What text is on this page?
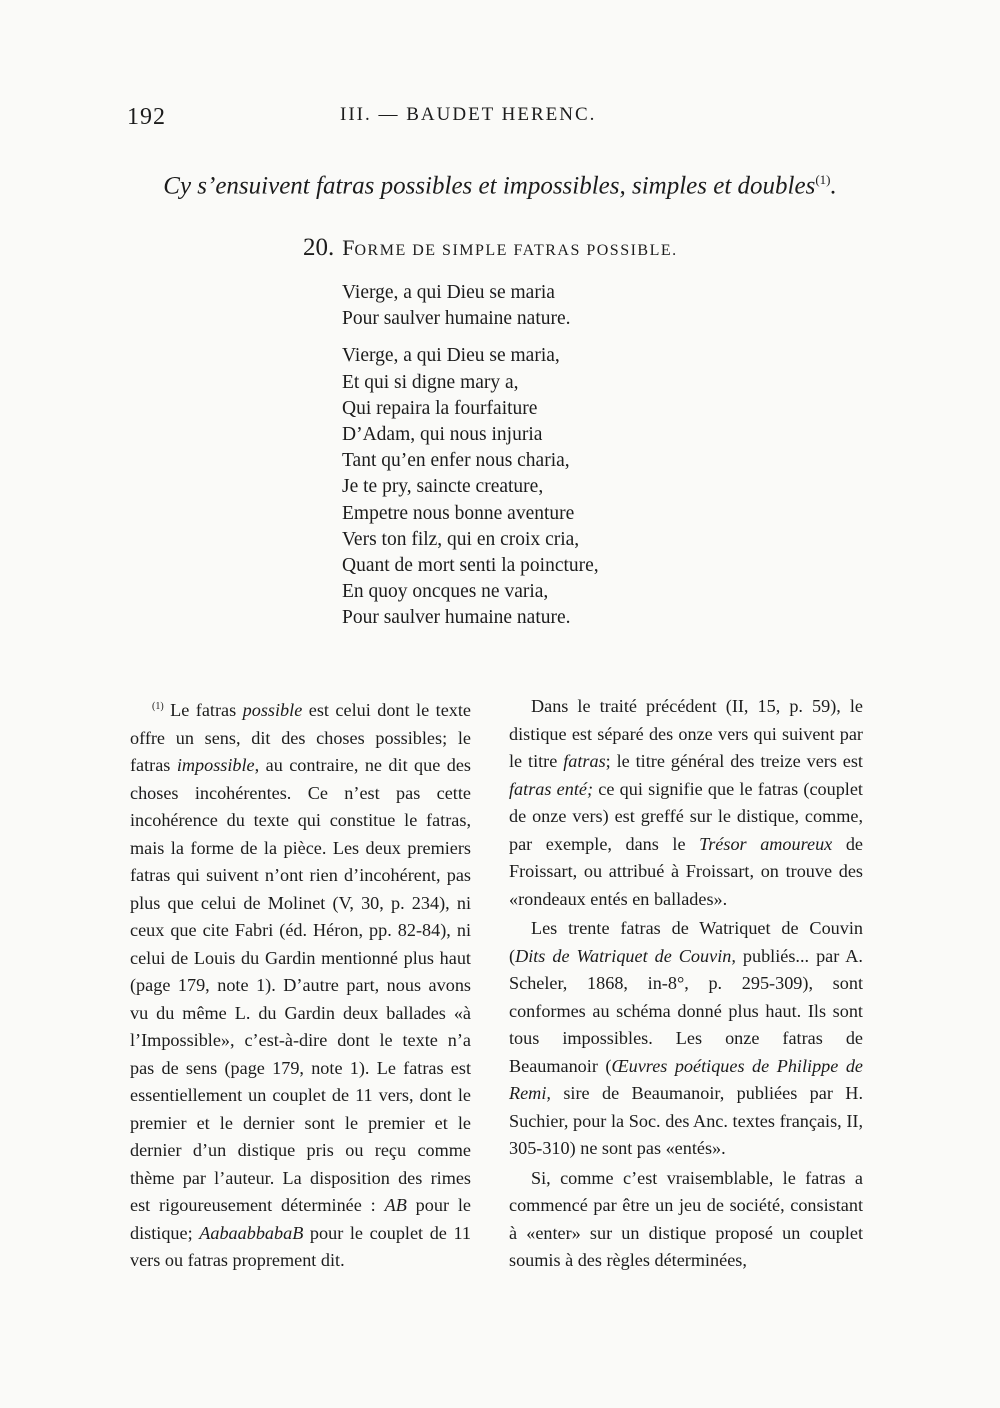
192	III. — BAUDET HERENC.
Cy s’ensuivent fatras possibles et impossibles, simples et doubles$^{(1)}$.
20. FORME DE SIMPLE FATRAS POSSIBLE.
Vierge, a qui Dieu se maria
Pour saulver humaine nature.
Vierge, a qui Dieu se maria,
Et qui si digne mary a,
Qui repaira la fourfaiture
D’Adam, qui nous injuria
Tant qu’en enfer nous charia,
Je te pry, saincte creature,
Empetre nous bonne aventure
Vers ton filz, qui en croix cria,
Quant de mort senti la poincture,
En quoy oncques ne varia,
Pour saulver humaine nature.

$^{(1)}$ Le fatras possible est celui dont le texte offre un sens, dit des choses possibles; le fatras impossible, au contraire, ne dit que des choses incohérentes. Ce n’est pas cette incohérence du texte qui constitue le fatras, mais la forme de la pièce. Les deux premiers fatras qui suivent n’ont rien d’incohérent, pas plus que celui de Molinet (V, 30, p. 234), ni ceux que cite Fabri (éd. Héron, pp. 82-84), ni celui de Louis du Gardin mentionné plus haut (page 179, note 1). D’autre part, nous avons vu du même L. du Gardin deux ballades «à l’Impossible», c’est-à-dire dont le texte n’a pas de sens (page 179, note 1). Le fatras est essentiellement un couplet de 11 vers, dont le premier et le dernier sont le premier et le dernier d’un distique pris ou reçu comme thème par l’auteur. La disposition des rimes est rigoureusement déterminée : AB pour le distique; AabaabbabaB pour le couplet de 11 vers ou fatras proprement dit.

Dans le traité précédent (II, 15, p. 59), le distique est séparé des onze vers qui suivent par le titre fatras; le titre général des treize vers est fatras enté; ce qui signifie que le fatras (couplet de onze vers) est greffé sur le distique, comme, par exemple, dans le Trésor amoureux de Froissart, ou attribué à Froissart, on trouve des «rondeaux entés en ballades».

Les trente fatras de Watriquet de Couvin (Dits de Watriquet de Couvin, publiés... par A. Scheler, 1868, in-8°, p. 295-309), sont conformes au schéma donné plus haut. Ils sont tous impossibles. Les onze fatras de Beaumanoir (Œuvres poétiques de Philippe de Remi, sire de Beaumanoir, publiées par H. Suchier, pour la Soc. des Anc. textes français, II, 305-310) ne sont pas «entés».

Si, comme c’est vraisemblable, le fatras a commencé par être un jeu de société, consistant à «enter» sur un distique proposé un couplet soumis à des règles déterminées,
